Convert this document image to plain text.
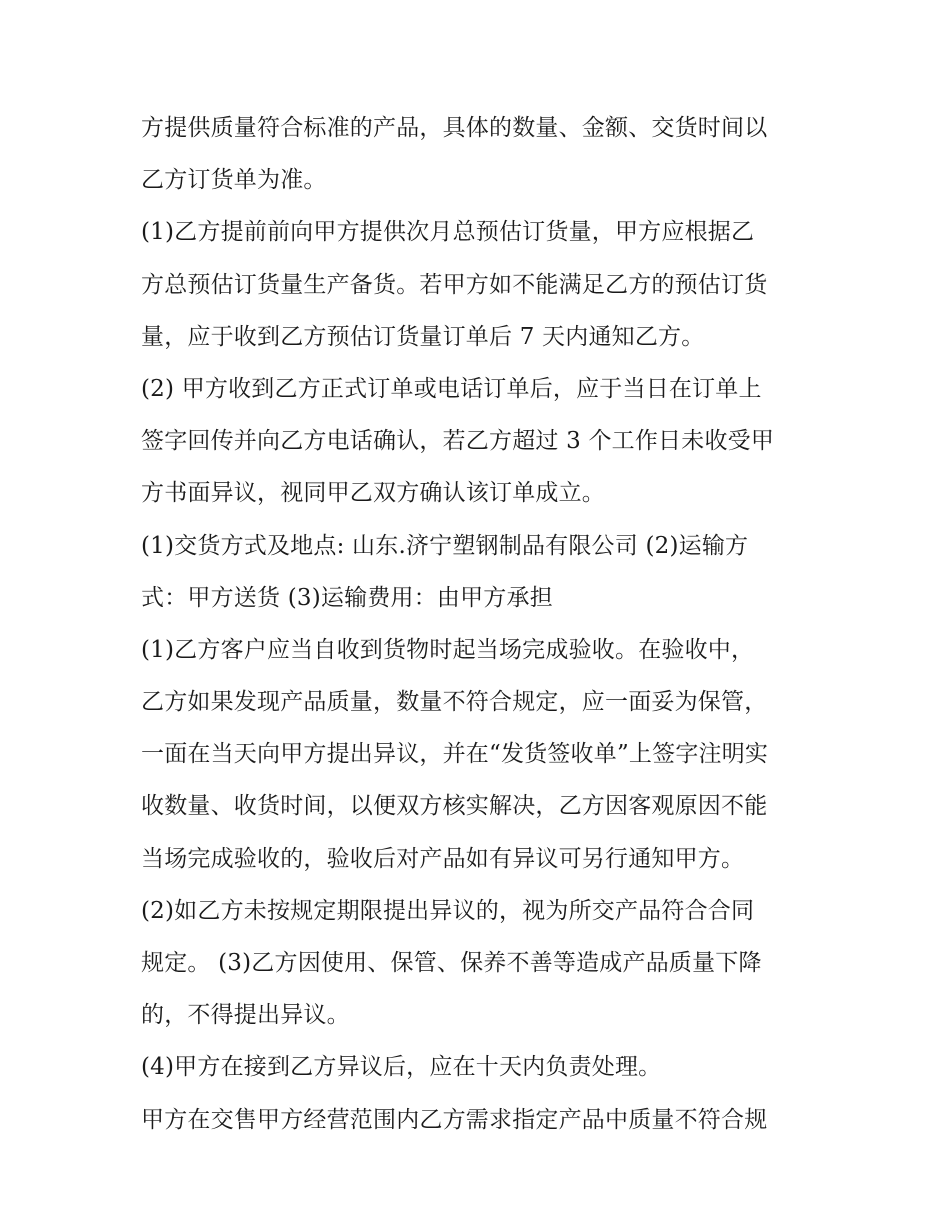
方提供质量符合标准的产品，具体的数量、金额、交货时间以
乙方订货单为准。
(1)乙方提前前向甲方提供次月总预估订货量，甲方应根据乙
方总预估订货量生产备货。若甲方如不能满足乙方的预估订货
量，应于收到乙方预估订货量订单后 7 天内通知乙方。
(2) 甲方收到乙方正式订单或电话订单后，应于当日在订单上
签字回传并向乙方电话确认，若乙方超过 3 个工作日未收受甲
方书面异议，视同甲乙双方确认该订单成立。
(1)交货方式及地点: 山东.济宁塑钢制品有限公司 (2)运输方
式：甲方送货 (3)运输费用：由甲方承担
(1)乙方客户应当自收到货物时起当场完成验收。在验收中，
乙方如果发现产品质量，数量不符合规定，应一面妥为保管，
一面在当天向甲方提出异议，并在“发货签收单”上签字注明实
收数量、收货时间，以便双方核实解决，乙方因客观原因不能
当场完成验收的，验收后对产品如有异议可另行通知甲方。
(2)如乙方未按规定期限提出异议的，视为所交产品符合合同
规定。 (3)乙方因使用、保管、保养不善等造成产品质量下降
的，不得提出异议。
(4)甲方在接到乙方异议后，应在十天内负责处理。
甲方在交售甲方经营范围内乙方需求指定产品中质量不符合规
